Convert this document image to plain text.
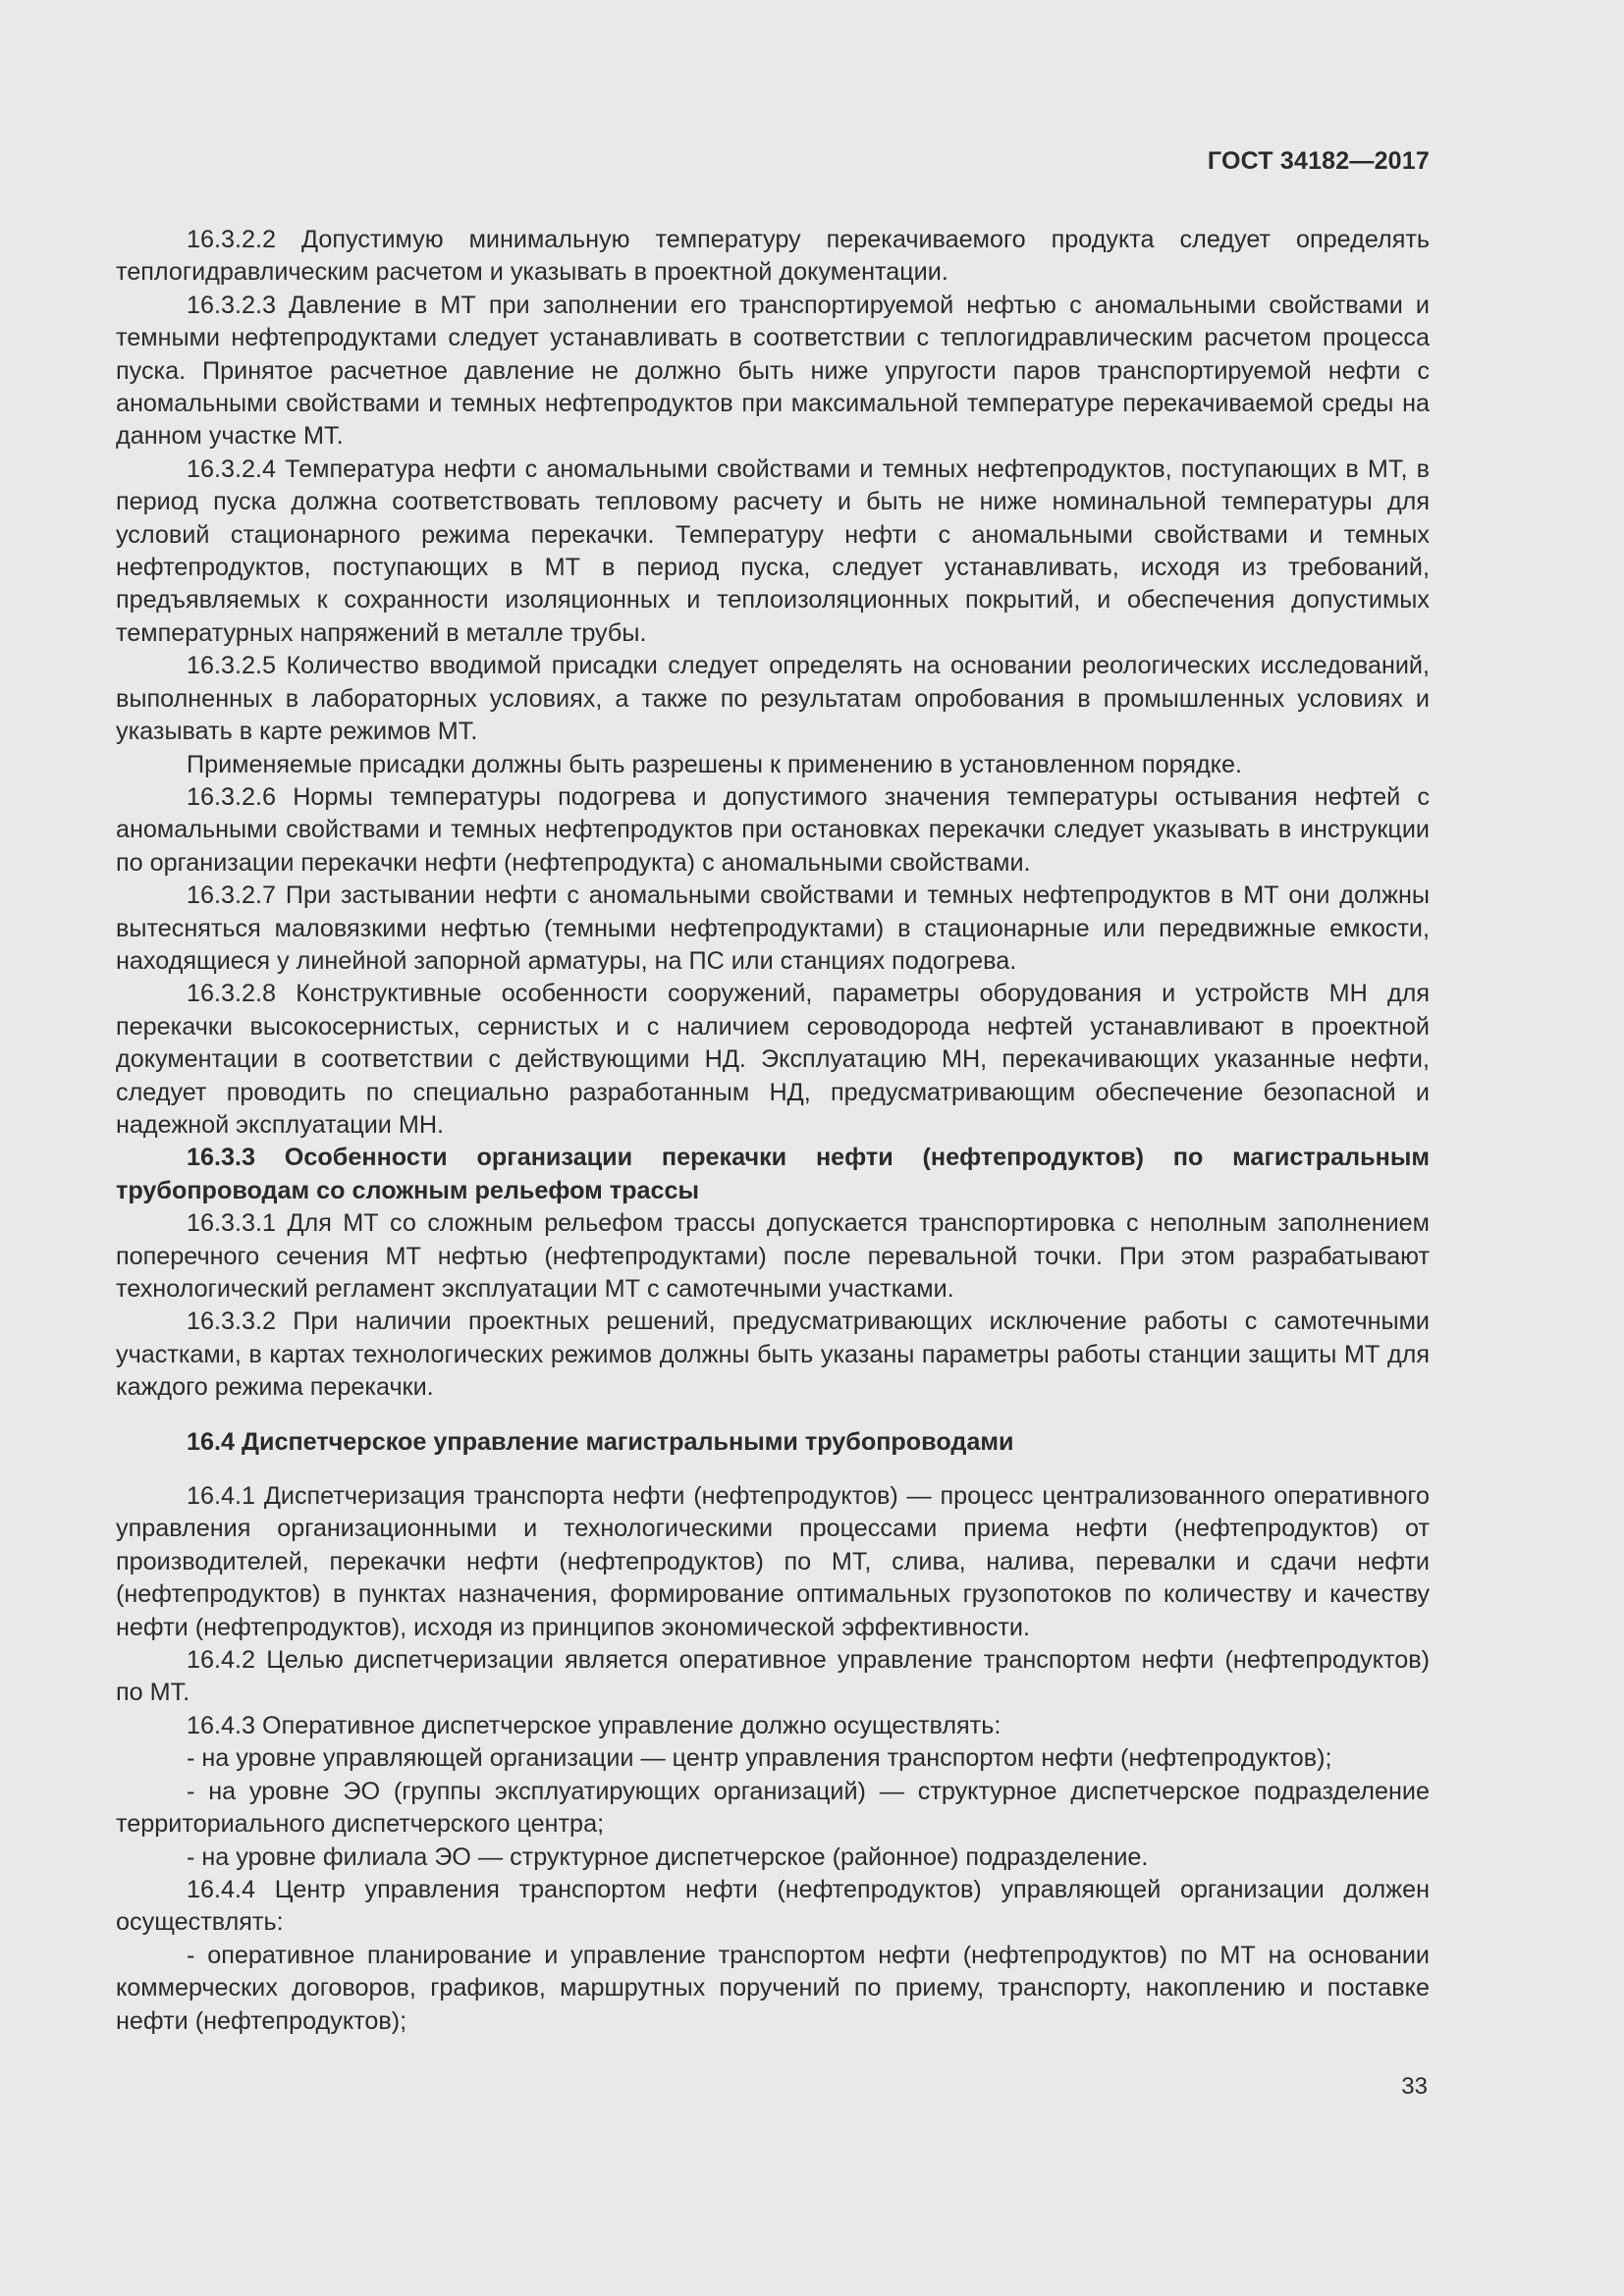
ГОСТ 34182—2017

16.3.2.2 Допустимую минимальную температуру перекачиваемого продукта следует определять теплогидравлическим расчетом и указывать в проектной документации.

16.3.2.3 Давление в МТ при заполнении его транспортируемой нефтью с аномальными свойствами и темными нефтепродуктами следует устанавливать в соответствии с теплогидравлическим расчетом процесса пуска. Принятое расчетное давление не должно быть ниже упругости паров транспортируемой нефти с аномальными свойствами и темных нефтепродуктов при максимальной температуре перекачиваемой среды на данном участке МТ.

16.3.2.4 Температура нефти с аномальными свойствами и темных нефтепродуктов, поступающих в МТ, в период пуска должна соответствовать тепловому расчету и быть не ниже номинальной температуры для условий стационарного режима перекачки. Температуру нефти с аномальными свойствами и темных нефтепродуктов, поступающих в МТ в период пуска, следует устанавливать, исходя из требований, предъявляемых к сохранности изоляционных и теплоизоляционных покрытий, и обеспечения допустимых температурных напряжений в металле трубы.

16.3.2.5 Количество вводимой присадки следует определять на основании реологических исследований, выполненных в лабораторных условиях, а также по результатам опробования в промышленных условиях и указывать в карте режимов МТ.

Применяемые присадки должны быть разрешены к применению в установленном порядке.

16.3.2.6 Нормы температуры подогрева и допустимого значения температуры остывания нефтей с аномальными свойствами и темных нефтепродуктов при остановках перекачки следует указывать в инструкции по организации перекачки нефти (нефтепродукта) с аномальными свойствами.

16.3.2.7 При застывании нефти с аномальными свойствами и темных нефтепродуктов в МТ они должны вытесняться маловязкими нефтью (темными нефтепродуктами) в стационарные или передвижные емкости, находящиеся у линейной запорной арматуры, на ПС или станциях подогрева.

16.3.2.8 Конструктивные особенности сооружений, параметры оборудования и устройств МН для перекачки высокосернистых, сернистых и с наличием сероводорода нефтей устанавливают в проектной документации в соответствии с действующими НД. Эксплуатацию МН, перекачивающих указанные нефти, следует проводить по специально разработанным НД, предусматривающим обеспечение безопасной и надежной эксплуатации МН.

16.3.3 Особенности организации перекачки нефти (нефтепродуктов) по магистральным трубопроводам со сложным рельефом трассы

16.3.3.1 Для МТ со сложным рельефом трассы допускается транспортировка с неполным заполнением поперечного сечения МТ нефтью (нефтепродуктами) после перевальной точки. При этом разрабатывают технологический регламент эксплуатации МТ с самотечными участками.

16.3.3.2 При наличии проектных решений, предусматривающих исключение работы с самотечными участками, в картах технологических режимов должны быть указаны параметры работы станции защиты МТ для каждого режима перекачки.

16.4 Диспетчерское управление магистральными трубопроводами

16.4.1 Диспетчеризация транспорта нефти (нефтепродуктов) — процесс централизованного оперативного управления организационными и технологическими процессами приема нефти (нефтепродуктов) от производителей, перекачки нефти (нефтепродуктов) по МТ, слива, налива, перевалки и сдачи нефти (нефтепродуктов) в пунктах назначения, формирование оптимальных грузопотоков по количеству и качеству нефти (нефтепродуктов), исходя из принципов экономической эффективности.

16.4.2 Целью диспетчеризации является оперативное управление транспортом нефти (нефтепродуктов) по МТ.

16.4.3 Оперативное диспетчерское управление должно осуществлять:

- на уровне управляющей организации — центр управления транспортом нефти (нефтепродуктов);

- на уровне ЭО (группы эксплуатирующих организаций) — структурное диспетчерское подразделение территориального диспетчерского центра;

- на уровне филиала ЭО — структурное диспетчерское (районное) подразделение.

16.4.4 Центр управления транспортом нефти (нефтепродуктов) управляющей организации должен осуществлять:

- оперативное планирование и управление транспортом нефти (нефтепродуктов) по МТ на основании коммерческих договоров, графиков, маршрутных поручений по приему, транспорту, накоплению и поставке нефти (нефтепродуктов);

33
